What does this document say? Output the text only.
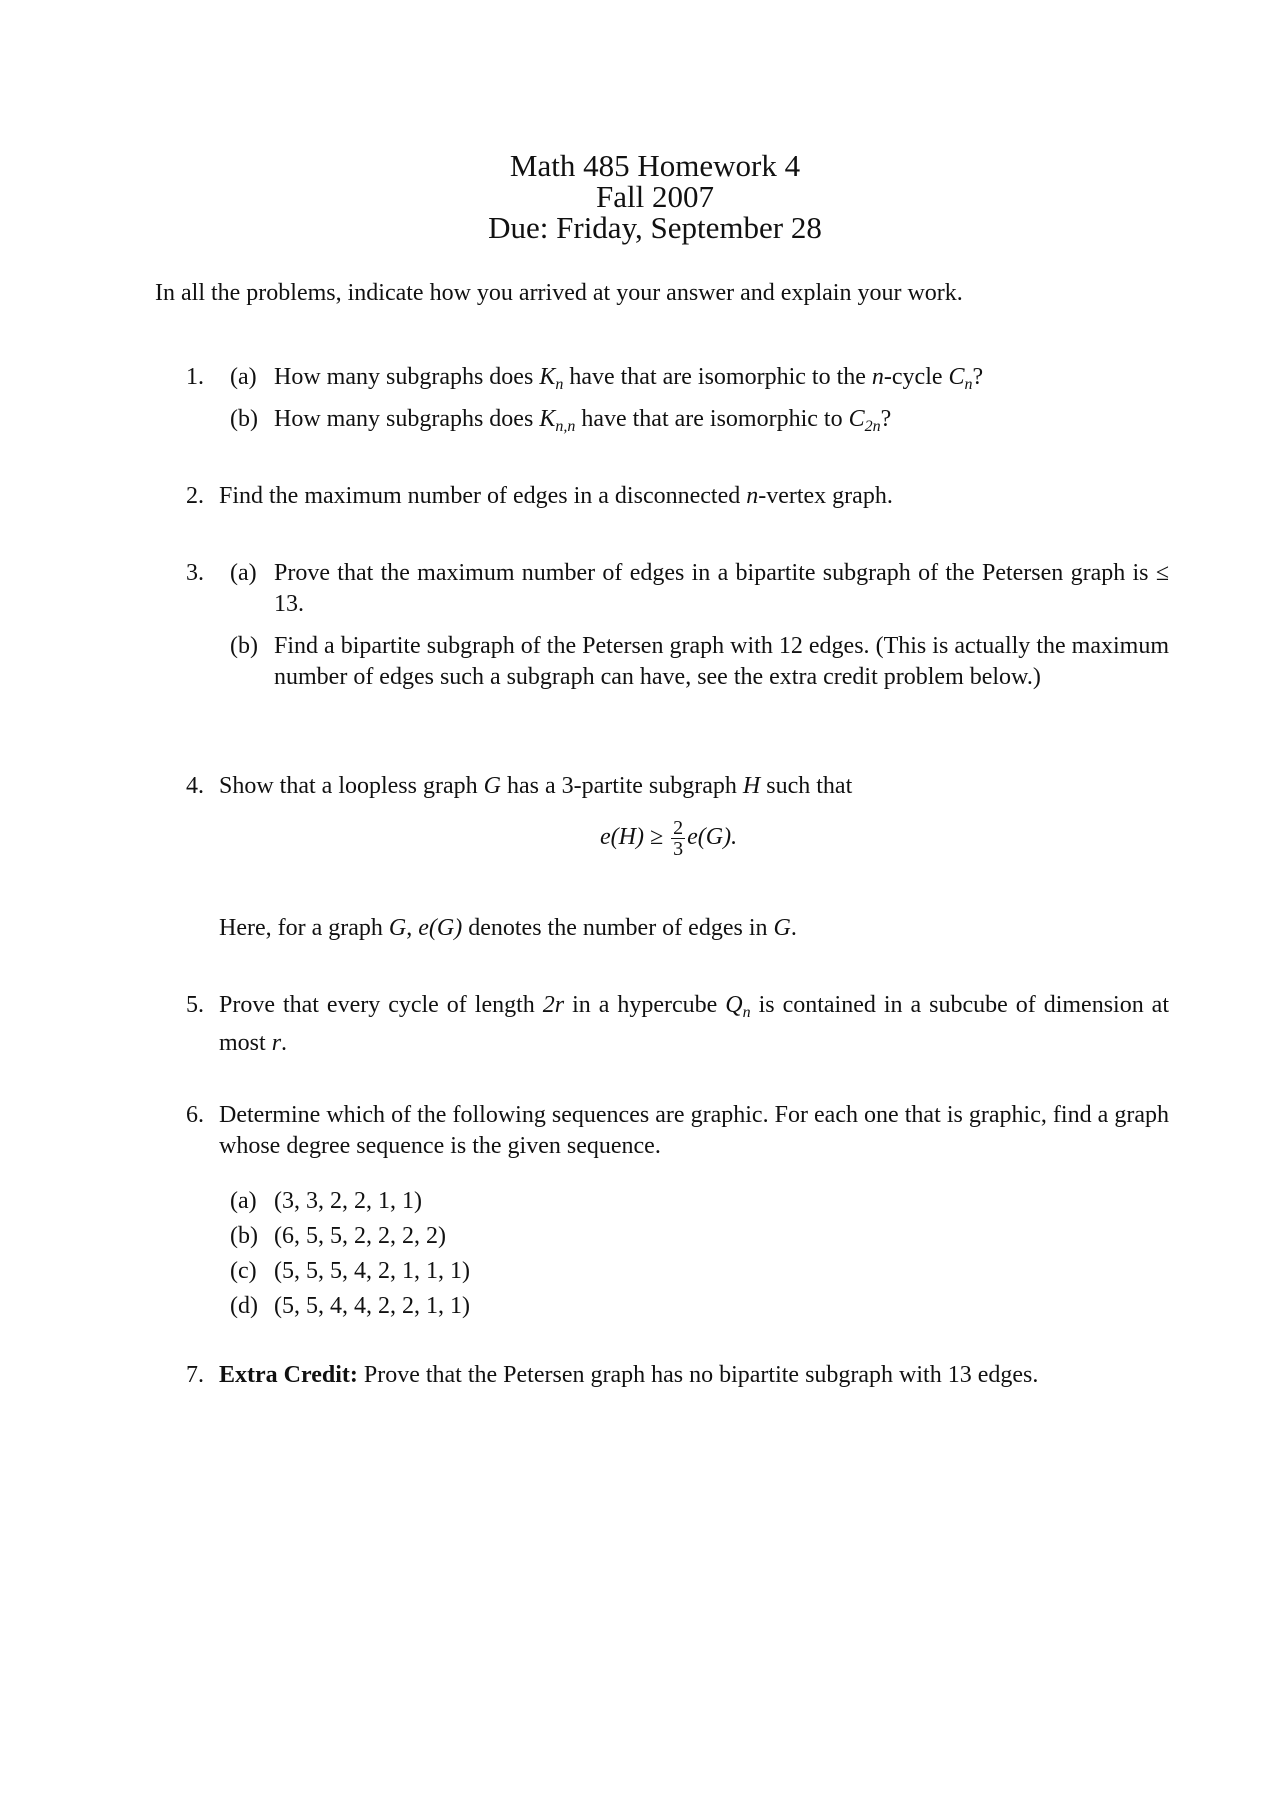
Math 485 Homework 4
Fall 2007
Due: Friday, September 28
In all the problems, indicate how you arrived at your answer and explain your work.
1. (a) How many subgraphs does $K_n$ have that are isomorphic to the n-cycle $C_n$?
(b) How many subgraphs does $K_{n,n}$ have that are isomorphic to $C_{2n}$?
2. Find the maximum number of edges in a disconnected n-vertex graph.
3. (a) Prove that the maximum number of edges in a bipartite subgraph of the Petersen graph is ≤ 13.
(b) Find a bipartite subgraph of the Petersen graph with 12 edges. (This is actually the maximum number of edges such a subgraph can have, see the extra credit problem below.)
4. Show that a loopless graph G has a 3-partite subgraph H such that
$e(H) \ge \frac{2}{3} e(G)$.
Here, for a graph G, e(G) denotes the number of edges in G.
5. Prove that every cycle of length 2r in a hypercube $Q_n$ is contained in a subcube of dimension at most r.
6. Determine which of the following sequences are graphic. For each one that is graphic, find a graph whose degree sequence is the given sequence.
(a) (3, 3, 2, 2, 1, 1)
(b) (6, 5, 5, 2, 2, 2, 2)
(c) (5, 5, 5, 4, 2, 1, 1, 1)
(d) (5, 5, 4, 4, 2, 2, 1, 1)
7. Extra Credit: Prove that the Petersen graph has no bipartite subgraph with 13 edges.
